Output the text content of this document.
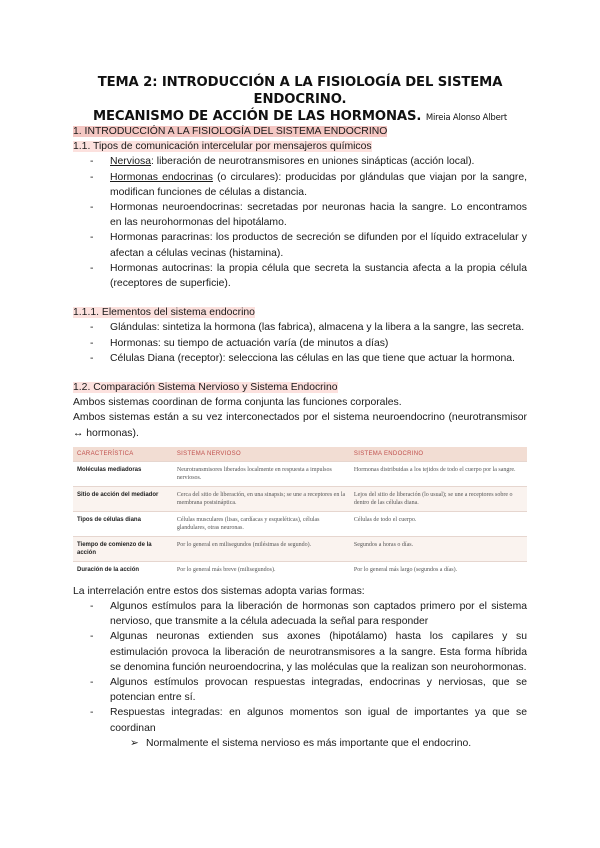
TEMA 2: INTRODUCCIÓN A LA FISIOLOGÍA DEL SISTEMA ENDOCRINO.
MECANISMO DE ACCIÓN DE LAS HORMONAS. Mireia Alonso Albert

1. INTRODUCCIÓN A LA FISIOLOGÍA DEL SISTEMA ENDOCRINO

1.1. Tipos de comunicación intercelular por mensajeros químicos

- Nerviosa: liberación de neurotransmisores en uniones sinápticas (acción local).
- Hormonas endocrinas (o circulares): producidas por glándulas que viajan por la sangre, modifican funciones de células a distancia.
- Hormonas neuroendocrinas: secretadas por neuronas hacia la sangre. Lo encontramos en las neurohormonas del hipotálamo.
- Hormonas paracrinas: los productos de secreción se difunden por el líquido extracelular y afectan a células vecinas (histamina).
- Hormonas autocrinas: la propia célula que secreta la sustancia afecta a la propia célula (receptores de superficie).

1.1.1. Elementos del sistema endocrino

- Glándulas: sintetiza la hormona (las fabrica), almacena y la libera a la sangre, las secreta.
- Hormonas: su tiempo de actuación varía (de minutos a días)
- Células Diana (receptor): selecciona las células en las que tiene que actuar la hormona.

1.2. Comparación Sistema Nervioso y Sistema Endocrino

Ambos sistemas coordinan de forma conjunta las funciones corporales.

Ambos sistemas están a su vez interconectados por el sistema neuroendocrino (neurotransmisor ↔ hormonas).

CARACTERÍSTICA	SISTEMA NERVIOSO	SISTEMA ENDOCRINO
Moléculas mediadoras	Neurotransmisores liberados localmente en respuesta a impulsos nerviosos.	Hormonas distribuidas a los tejidos de todo el cuerpo por la sangre.
Sitio de acción del mediador	Cerca del sitio de liberación, en una sinapsis; se une a receptores en la membrana postsináptica.	Lejos del sitio de liberación (lo usual); se une a receptores sobre o dentro de las células diana.
Tipos de células diana	Células musculares (lisas, cardíacas y esqueléticas), células glandulares, otras neuronas.	Células de todo el cuerpo.
Tiempo de comienzo de la acción	Por lo general en milisegundos (milésimas de segundo).	Segundos a horas o días.
Duración de la acción	Por lo general más breve (milisegundos).	Por lo general más largo (segundos a días).

La interrelación entre estos dos sistemas adopta varias formas:

- Algunos estímulos para la liberación de hormonas son captados primero por el sistema nervioso, que transmite a la célula adecuada la señal para responder
- Algunas neuronas extienden sus axones (hipotálamo) hasta los capilares y su estimulación provoca la liberación de neurotransmisores a la sangre. Esta forma híbrida se denomina función neuroendocrina, y las moléculas que la realizan son neurohormonas.
- Algunos estímulos provocan respuestas integradas, endocrinas y nerviosas, que se potencian entre sí.
- Respuestas integradas: en algunos momentos son igual de importantes ya que se coordinan
➢ Normalmente el sistema nervioso es más importante que el endocrino.
